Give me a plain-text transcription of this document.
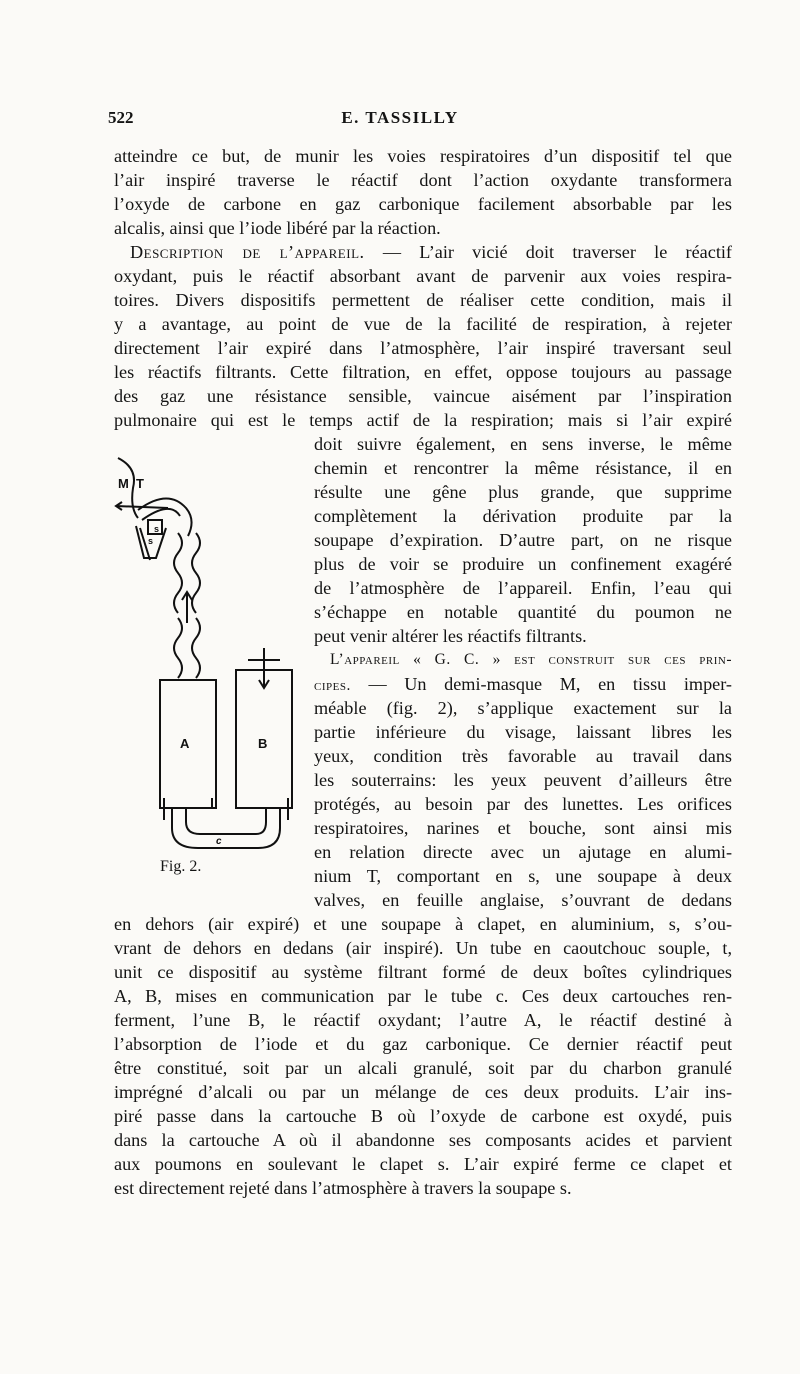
522	E. TASSILLY
atteindre ce but, de munir les voies respiratoires d’un dispositif tel que
l’air inspiré traverse le réactif dont l’action oxydante transformera
l’oxyde de carbone en gaz carbonique facilement absorbable par les
alcalis, ainsi que l’iode libéré par la réaction.
Description de l’appareil. — L’air vicié doit traverser le réactif
oxydant, puis le réactif absorbant avant de parvenir aux voies respira-
toires. Divers dispositifs permettent de réaliser cette condition, mais il
y a avantage, au point de vue de la facilité de respiration, à rejeter
directement l’air expiré dans l’atmosphère, l’air inspiré traversant seul
les réactifs filtrants. Cette filtration, en effet, oppose toujours au passage
des gaz une résistance sensible, vaincue aisément par l’inspiration
pulmonaire qui est le temps actif de la respiration; mais si l’air expiré
doit suivre également, en sens inverse, le même
chemin et rencontrer la même résistance, il en
résulte une gêne plus grande, que supprime
complètement la dérivation produite par la
soupape d’expiration. D’autre part, on ne risque
plus de voir se produire un confinement exagéré
de l’atmosphère de l’appareil. Enfin, l’eau qui
s’échappe en notable quantité du poumon ne
peut venir altérer les réactifs filtrants.
L’appareil « G. C. » est construit sur ces prin-
cipes. — Un demi-masque M, en tissu imper-
méable (fig. 2), s’applique exactement sur la
partie inférieure du visage, laissant libres les
yeux, condition très favorable au travail dans
les souterrains: les yeux peuvent d’ailleurs être
protégés, au besoin par des lunettes. Les orifices
respiratoires, narines et bouche, sont ainsi mis
en relation directe avec un ajutage en alumi-
nium T, comportant en s, une soupape à deux
valves, en feuille anglaise, s’ouvrant de dedans
en dehors (air expiré) et une soupape à clapet, en aluminium, s, s’ou-
vrant de dehors en dedans (air inspiré). Un tube en caoutchouc souple, t,
unit ce dispositif au système filtrant formé de deux boîtes cylindriques
A, B, mises en communication par le tube c. Ces deux cartouches ren-
ferment, l’une B, le réactif oxydant; l’autre A, le réactif destiné à
l’absorption de l’iode et du gaz carbonique. Ce dernier réactif peut
être constitué, soit par un alcali granulé, soit par du charbon granulé
imprégné d’alcali ou par un mélange de ces deux produits. L’air ins-
piré passe dans la cartouche B où l’oxyde de carbone est oxydé, puis
dans la cartouche A où il abandonne ses composants acides et parvient
aux poumons en soulevant le clapet s. L’air expiré ferme ce clapet et
est directement rejeté dans l’atmosphère à travers la soupape s.
M T
s
s
A	B
c
Fig. 2.
